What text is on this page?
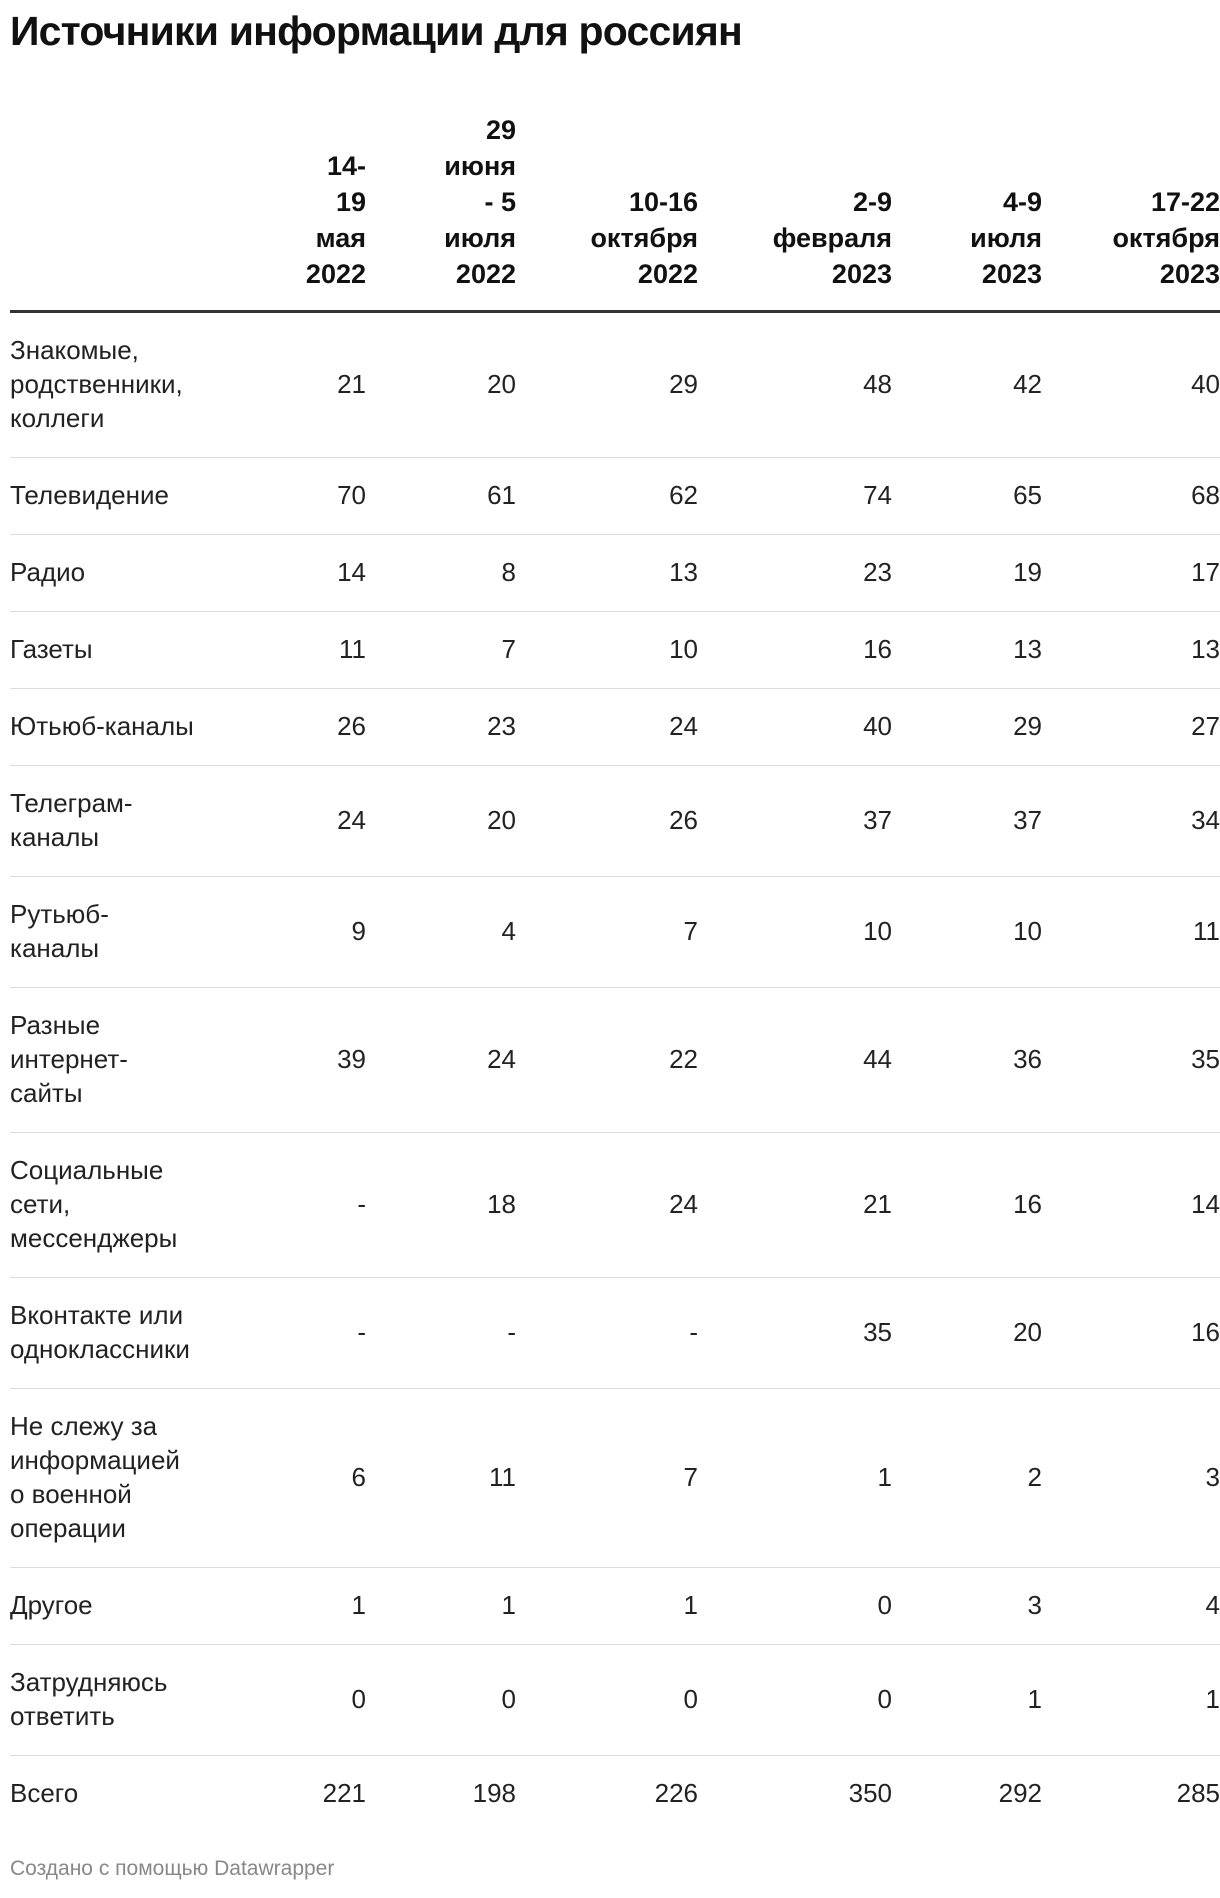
Источники информации для россиян

	14-
19
мая
2022	29
июня
- 5
июля
2022	10-16
октября
2022	2-9
февраля
2023	4-9
июля
2023	17-22
октября
2023

Знакомые,
родственники,
коллеги	21	20	29	48	42	40

Телевидение	70	61	62	74	65	68

Радио	14	8	13	23	19	17

Газеты	11	7	10	16	13	13

Ютьюб-каналы	26	23	24	40	29	27

Телеграм-
каналы	24	20	26	37	37	34

Рутьюб-
каналы	9	4	7	10	10	11

Разные
интернет-
сайты	39	24	22	44	36	35

Социальные
сети,
мессенджеры	-	18	24	21	16	14

Вконтакте или
одноклассники	-	-	-	35	20	16

Не слежу за
информацией
о военной
операции	6	11	7	1	2	3

Другое	1	1	1	0	3	4

Затрудняюсь
ответить	0	0	0	0	1	1

Всего	221	198	226	350	292	285
Создано с помощью Datawrapper
